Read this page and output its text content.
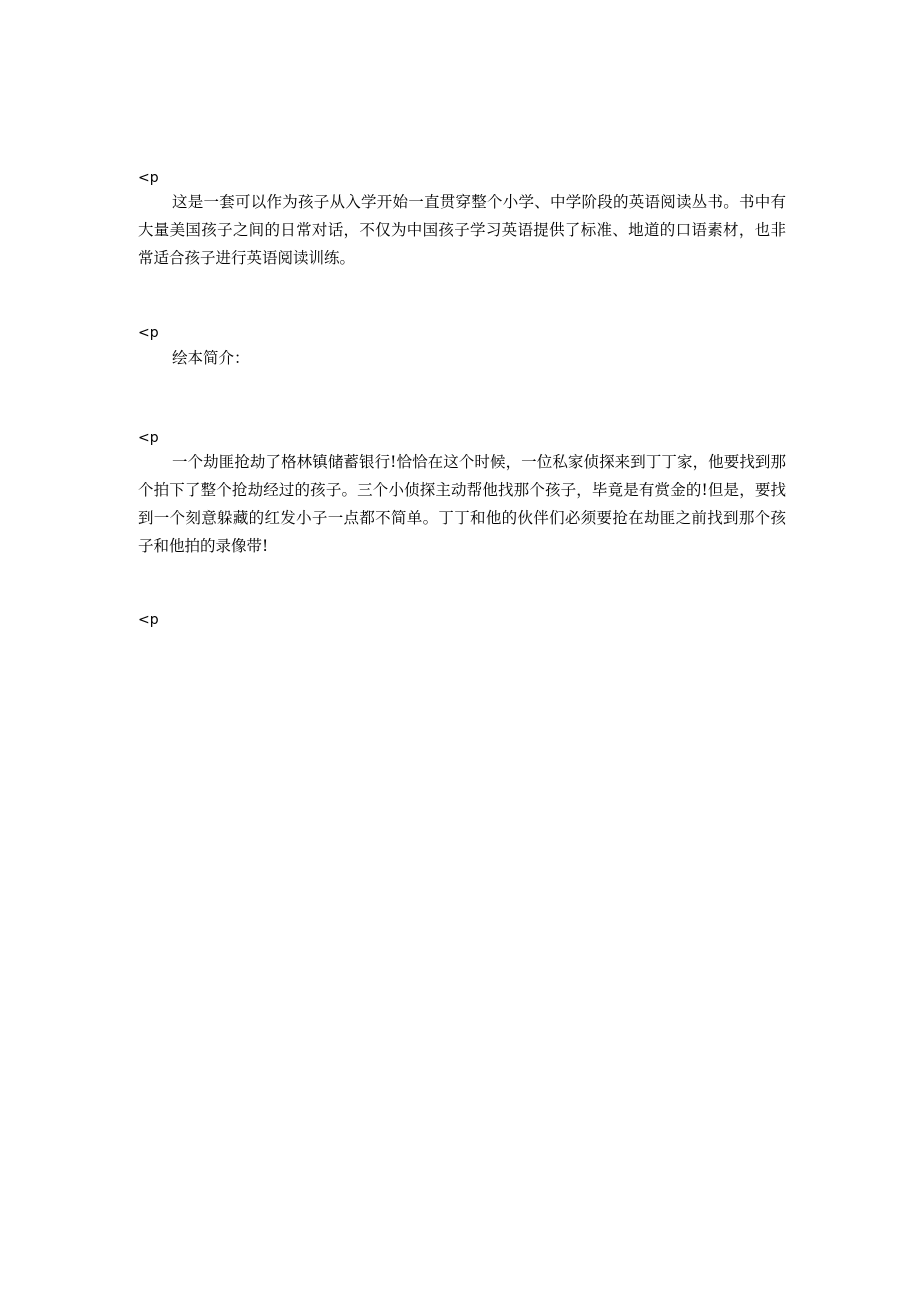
<p

这是一套可以作为孩子从入学开始一直贯穿整个小学、中学阶段的英语阅读丛书。书中有大量美国孩子之间的日常对话，不仅为中国孩子学习英语提供了标准、地道的口语素材，也非常适合孩子进行英语阅读训练。

<p

绘本简介：

<p

一个劫匪抢劫了格林镇储蓄银行!恰恰在这个时候，一位私家侦探来到丁丁家，他要找到那个拍下了整个抢劫经过的孩子。三个小侦探主动帮他找那个孩子，毕竟是有赏金的!但是，要找到一个刻意躲藏的红发小子一点都不简单。丁丁和他的伙伴们必须要抢在劫匪之前找到那个孩子和他拍的录像带!

<p
